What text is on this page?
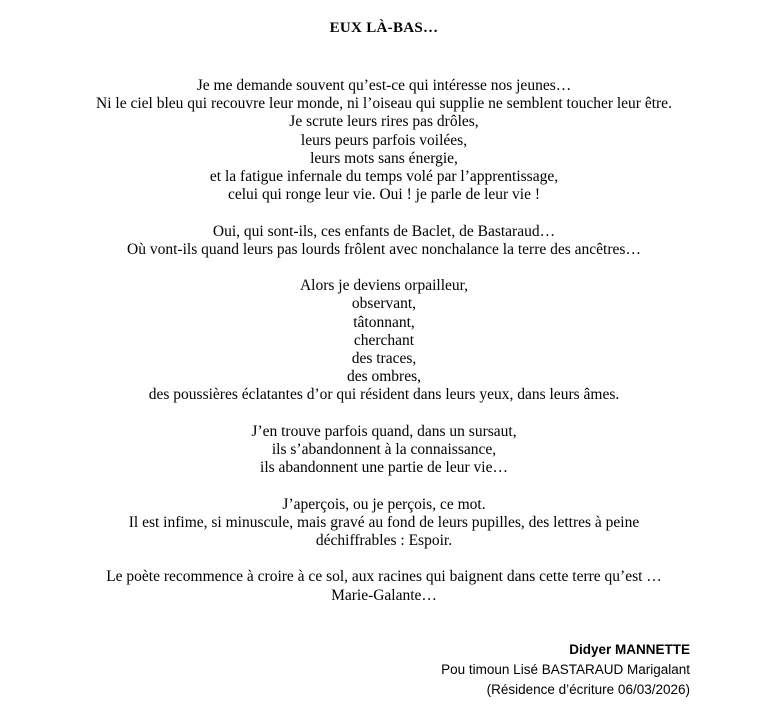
EUX LÀ-BAS…
Je me demande souvent qu’est-ce qui intéresse nos jeunes…
Ni le ciel bleu qui recouvre leur monde, ni l’oiseau qui supplie ne semblent toucher leur être.
Je scrute leurs rires pas drôles,
leurs peurs parfois voilées,
leurs mots sans énergie,
et la fatigue infernale du temps volé par l’apprentissage,
celui qui ronge leur vie. Oui ! je parle de leur vie !
Oui, qui sont-ils, ces enfants de Baclet, de Bastaraud…
Où vont-ils quand leurs pas lourds frôlent avec nonchalance la terre des ancêtres…
Alors je deviens orpailleur,
observant,
tâtonnant,
cherchant
des traces,
des ombres,
des poussières éclatantes d’or qui résident dans leurs yeux, dans leurs âmes.
J’en trouve parfois quand, dans un sursaut,
ils s’abandonnent à la connaissance,
ils abandonnent une partie de leur vie…
J’aperçois, ou je perçois, ce mot.
Il est infime, si minuscule, mais gravé au fond de leurs pupilles, des lettres à peine
déchiffrables : Espoir.
Le poète recommence à croire à ce sol, aux racines qui baignent dans cette terre qu’est …
Marie-Galante…
Didyer MANNETTE
Pou timoun Lisé BASTARAUD Marigalant
(Résidence d’écriture 06/03/2026)
